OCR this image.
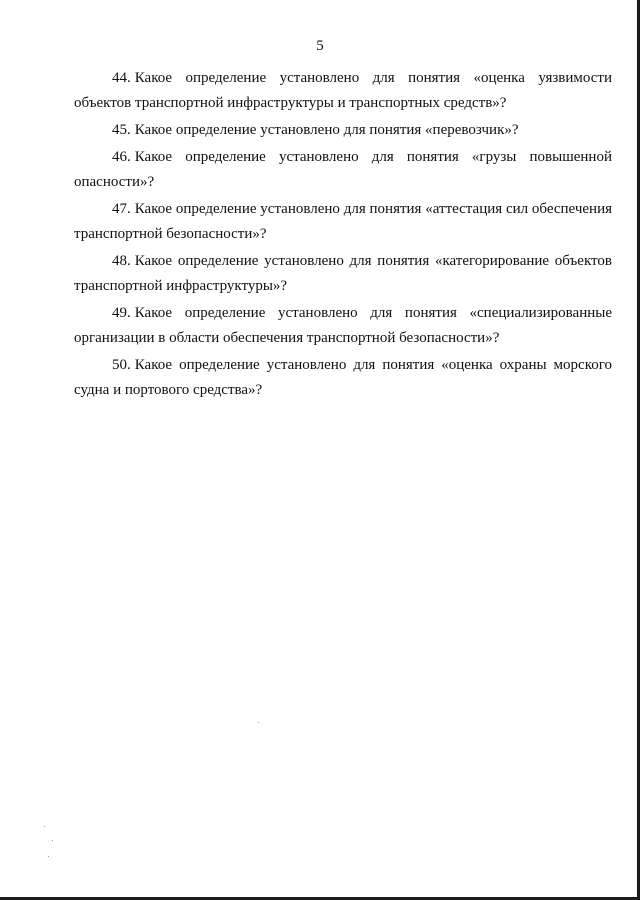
5
44. Какое определение установлено для понятия «оценка уязвимости объектов транспортной инфраструктуры и транспортных средств»?
45. Какое определение установлено для понятия «перевозчик»?
46. Какое определение установлено для понятия «грузы повышенной опасности»?
47. Какое определение установлено для понятия «аттестация сил обеспечения транспортной безопасности»?
48. Какое определение установлено для понятия «категорирование объектов транспортной инфраструктуры»?
49. Какое определение установлено для понятия «специализированные организации в области обеспечения транспортной безопасности»?
50. Какое определение установлено для понятия «оценка охраны морского судна и портового средства»?
